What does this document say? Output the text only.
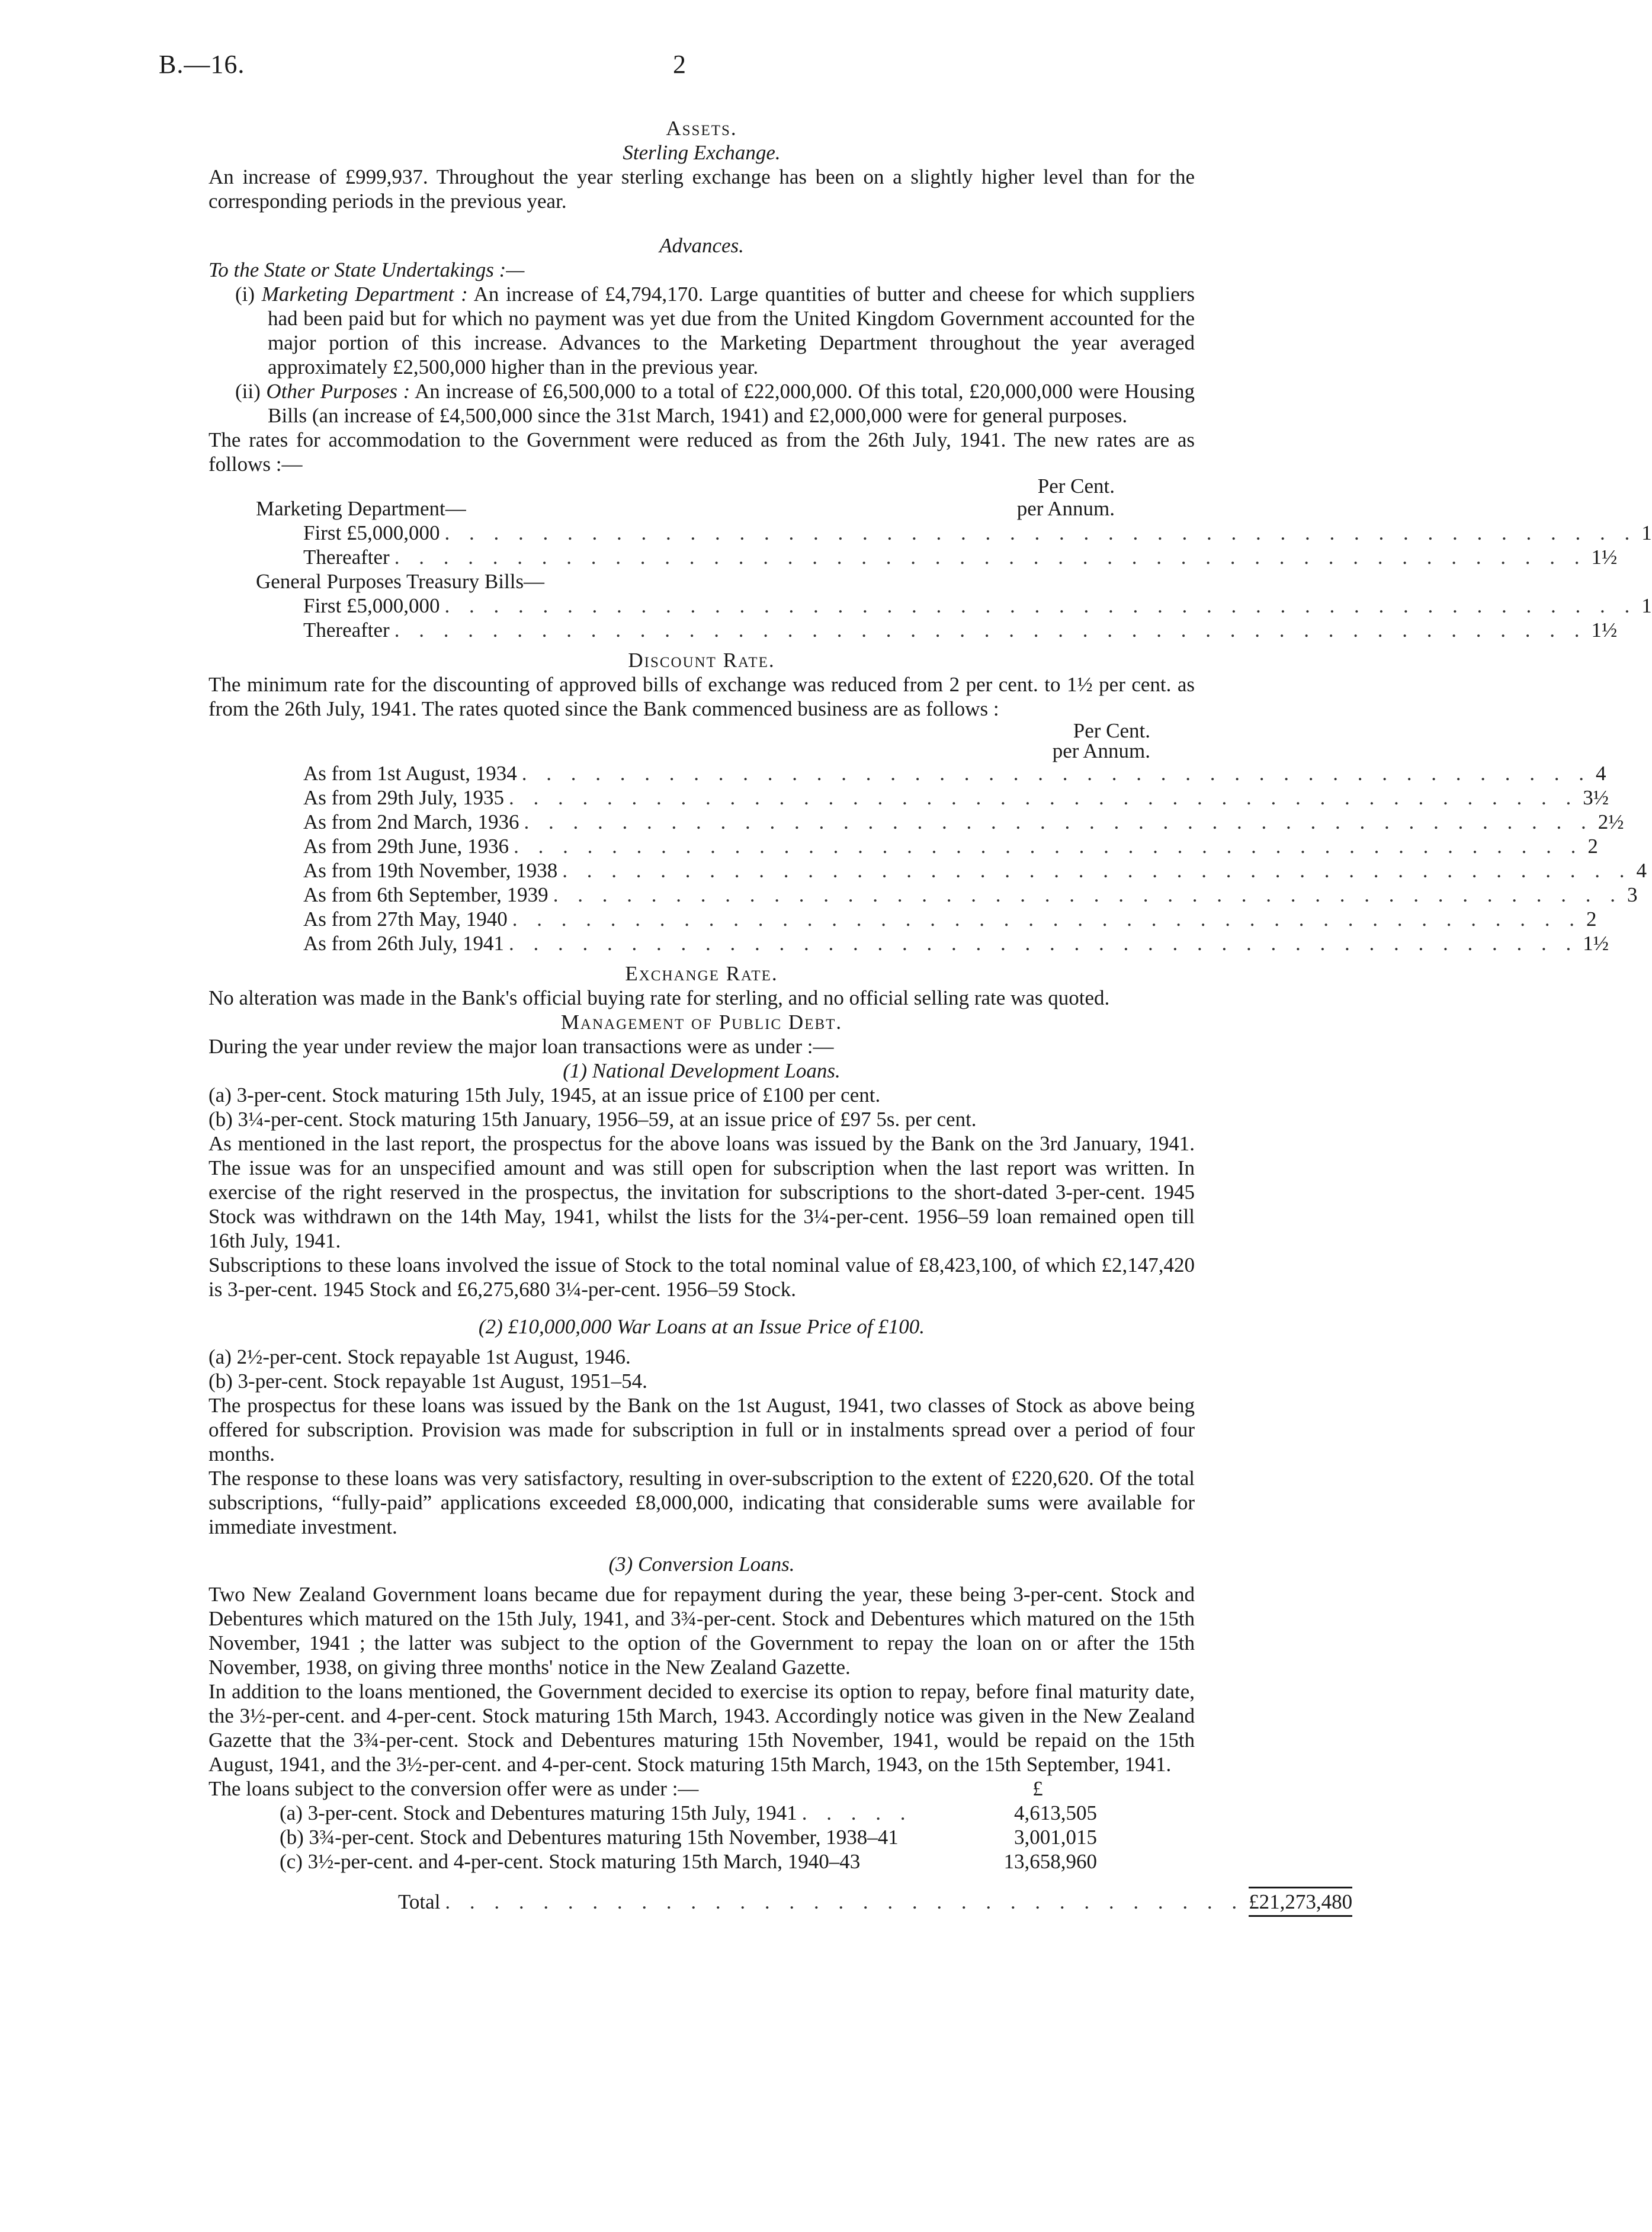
B.—16.	2
Assets.
Sterling Exchange.

An increase of £999,937. Throughout the year sterling exchange has been on a slightly higher level than for the corresponding periods in the previous year.

Advances.
To the State or State Undertakings :—
(i) Marketing Department : An increase of £4,794,170. Large quantities of butter and cheese for which suppliers had been paid but for which no payment was yet due from the United Kingdom Government accounted for the major portion of this increase. Advances to the Marketing Department throughout the year averaged approximately £2,500,000 higher than in the previous year.
(ii) Other Purposes : An increase of £6,500,000 to a total of £22,000,000. Of this total, £20,000,000 were Housing Bills (an increase of £4,500,000 since the 31st March, 1941) and £2,000,000 were for general purposes.

The rates for accommodation to the Government were reduced as from the 26th July, 1941. The new rates are as follows :—

Per Cent.
Marketing Department—	per Annum.
First £5,000,000 . . . . . . . . . . . . . . . . . . . . . . . . . . . . . . . . . . . . . . . . . . . . . . . . . 1
Thereafter . . . . . . . . . . . . . . . . . . . . . . . . . . . . . . . . . . . . . . . . . . . . . . . . . 1½
General Purposes Treasury Bills—
First £5,000,000 . . . . . . . . . . . . . . . . . . . . . . . . . . . . . . . . . . . . . . . . . . . . . . . . . 1
Thereafter . . . . . . . . . . . . . . . . . . . . . . . . . . . . . . . . . . . . . . . . . . . . . . . . . 1½
Discount Rate.

The minimum rate for the discounting of approved bills of exchange was reduced from 2 per cent. to 1½ per cent. as from the 26th July, 1941. The rates quoted since the Bank commenced business are as follows :

Per Cent.
per Annum.
As from 1st August, 1934 . . . . . . . . . . . . . . . . . . . . . . . . . . . . . . . . . . . . . . . . . . . . 4
As from 29th July, 1935 . . . . . . . . . . . . . . . . . . . . . . . . . . . . . . . . . . . . . . . . . . . . 3½
As from 2nd March, 1936 . . . . . . . . . . . . . . . . . . . . . . . . . . . . . . . . . . . . . . . . . . . . 2½
As from 29th June, 1936 . . . . . . . . . . . . . . . . . . . . . . . . . . . . . . . . . . . . . . . . . . . . 2
As from 19th November, 1938 . . . . . . . . . . . . . . . . . . . . . . . . . . . . . . . . . . . . . . . . . . . . 4
As from 6th September, 1939 . . . . . . . . . . . . . . . . . . . . . . . . . . . . . . . . . . . . . . . . . . . . 3
As from 27th May, 1940 . . . . . . . . . . . . . . . . . . . . . . . . . . . . . . . . . . . . . . . . . . . . 2
As from 26th July, 1941 . . . . . . . . . . . . . . . . . . . . . . . . . . . . . . . . . . . . . . . . . . . . 1½
Exchange Rate.

No alteration was made in the Bank's official buying rate for sterling, and no official selling rate was quoted.

Management of Public Debt.

During the year under review the major loan transactions were as under :—

(1) National Development Loans.
(a) 3-per-cent. Stock maturing 15th July, 1945, at an issue price of £100 per cent.
(b) 3¼-per-cent. Stock maturing 15th January, 1956–59, at an issue price of £97 5s. per cent.

As mentioned in the last report, the prospectus for the above loans was issued by the Bank on the 3rd January, 1941. The issue was for an unspecified amount and was still open for subscription when the last report was written. In exercise of the right reserved in the prospectus, the invitation for subscriptions to the short-dated 3-per-cent. 1945 Stock was withdrawn on the 14th May, 1941, whilst the lists for the 3¼-per-cent. 1956–59 loan remained open till 16th July, 1941.

Subscriptions to these loans involved the issue of Stock to the total nominal value of £8,423,100, of which £2,147,420 is 3-per-cent. 1945 Stock and £6,275,680 3¼-per-cent. 1956–59 Stock.

(2) £10,000,000 War Loans at an Issue Price of £100.
(a) 2½-per-cent. Stock repayable 1st August, 1946.
(b) 3-per-cent. Stock repayable 1st August, 1951–54.

The prospectus for these loans was issued by the Bank on the 1st August, 1941, two classes of Stock as above being offered for subscription. Provision was made for subscription in full or in instalments spread over a period of four months.

The response to these loans was very satisfactory, resulting in over-subscription to the extent of £220,620. Of the total subscriptions, “fully-paid” applications exceeded £8,000,000, indicating that considerable sums were available for immediate investment.

(3) Conversion Loans.

Two New Zealand Government loans became due for repayment during the year, these being 3-per-cent. Stock and Debentures which matured on the 15th July, 1941, and 3¾-per-cent. Stock and Debentures which matured on the 15th November, 1941 ; the latter was subject to the option of the Government to repay the loan on or after the 15th November, 1938, on giving three months' notice in the New Zealand Gazette.

In addition to the loans mentioned, the Government decided to exercise its option to repay, before final maturity date, the 3½-per-cent. and 4-per-cent. Stock maturing 15th March, 1943. Accordingly notice was given in the New Zealand Gazette that the 3¾-per-cent. Stock and Debentures maturing 15th November, 1941, would be repaid on the 15th August, 1941, and the 3½-per-cent. and 4-per-cent. Stock maturing 15th March, 1943, on the 15th September, 1941.

The loans subject to the conversion offer were as under :—	£
(a) 3-per-cent. Stock and Debentures maturing 15th July, 1941 . . . . .	4,613,505
(b) 3¾-per-cent. Stock and Debentures maturing 15th November, 1938–41	3,001,015
(c) 3½-per-cent. and 4-per-cent. Stock maturing 15th March, 1940–43	13,658,960
Total . . . . . . . . . . . . . . . . . . . . . . . . . . . . . . . . . £21,273,480
